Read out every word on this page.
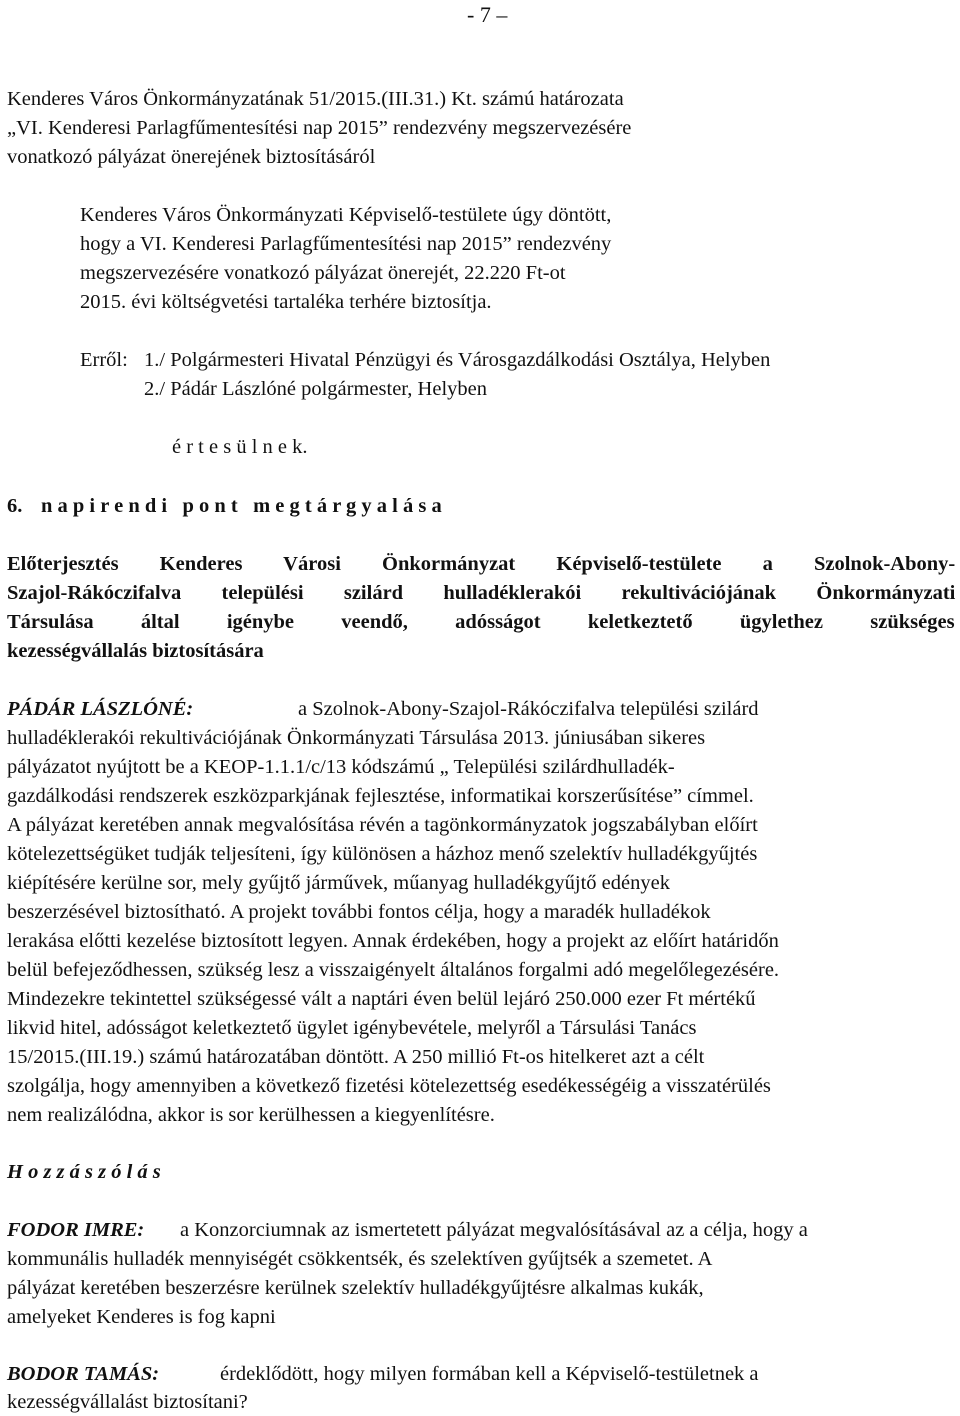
- 7 –
Kenderes Város Önkormányzatának 51/2015.(III.31.) Kt. számú határozata
„VI. Kenderesi Parlagfűmentesítési nap 2015” rendezvény megszervezésére
vonatkozó pályázat önerejének biztosításáról
Kenderes Város Önkormányzati Képviselő-testülete úgy döntött,
hogy a VI. Kenderesi Parlagfűmentesítési nap 2015” rendezvény
megszervezésére vonatkozó pályázat önerejét, 22.220 Ft-ot
2015. évi költségvetési tartaléka terhére biztosítja.
Erről: 1./ Polgármesteri Hivatal Pénzügyi és Városgazdálkodási Osztálya, Helyben
2./ Pádár Lászlóné polgármester, Helyben
é r t e s ü l n e k.
6. n a p i r e n d i   p o n t   m e g t á r g y a l á s a
Előterjesztés Kenderes Városi Önkormányzat Képviselő-testülete a Szolnok-Abony-
Szajol-Rákóczifalva települési szilárd hulladéklerakói rekultivációjának Önkormányzati
Társulása által igénybe veendő, adósságot keletkeztető ügylethez szükséges
kezességvállalás biztosítására
PÁDÁR LÁSZLÓNÉ:	a Szolnok-Abony-Szajol-Rákóczifalva települési szilárd
hulladéklerakói rekultivációjának Önkormányzati Társulása 2013. júniusában sikeres
pályázatot nyújtott be a KEOP-1.1.1/c/13 kódszámú „ Települési szilárdhulladék-
gazdálkodási rendszerek eszközparkjának fejlesztése, informatikai korszerűsítése” címmel.
A pályázat keretében annak megvalósítása révén a tagönkormányzatok jogszabályban előírt
kötelezettségüket tudják teljesíteni, így különösen a házhoz menő szelektív hulladékgyűjtés
kiépítésére kerülne sor, mely gyűjtő járművek, műanyag hulladékgyűjtő edények
beszerzésével biztosítható. A projekt további fontos célja, hogy a maradék hulladékok
lerakása előtti kezelése biztosított legyen. Annak érdekében, hogy a projekt az előírt határidőn
belül befejeződhessen, szükség lesz a visszaigényelt általános forgalmi adó megelőlegezésére.
Mindezekre tekintettel szükségessé vált a naptári éven belül lejáró 250.000 ezer Ft mértékű
likvid hitel, adósságot keletkeztető ügylet igénybevétele, melyről a Társulási Tanács
15/2015.(III.19.) számú határozatában döntött. A 250 millió Ft-os hitelkeret azt a célt
szolgálja, hogy amennyiben a következő fizetési kötelezettség esedékességéig a visszatérülés
nem realizálódna, akkor is sor kerülhessen a kiegyenlítésre.
H o z z á s z ó l á s
FODOR IMRE: a Konzorciumnak az ismertetett pályázat megvalósításával az a célja, hogy a
kommunális hulladék mennyiségét csökkentsék, és szelektíven gyűjtsék a szemetet. A
pályázat keretében beszerzésre kerülnek szelektív hulladékgyűjtésre alkalmas kukák,
amelyeket Kenderes is fog kapni
BODOR TAMÁS:	érdeklődött, hogy milyen formában kell a Képviselő-testületnek a
kezességvállalást biztosítani?
